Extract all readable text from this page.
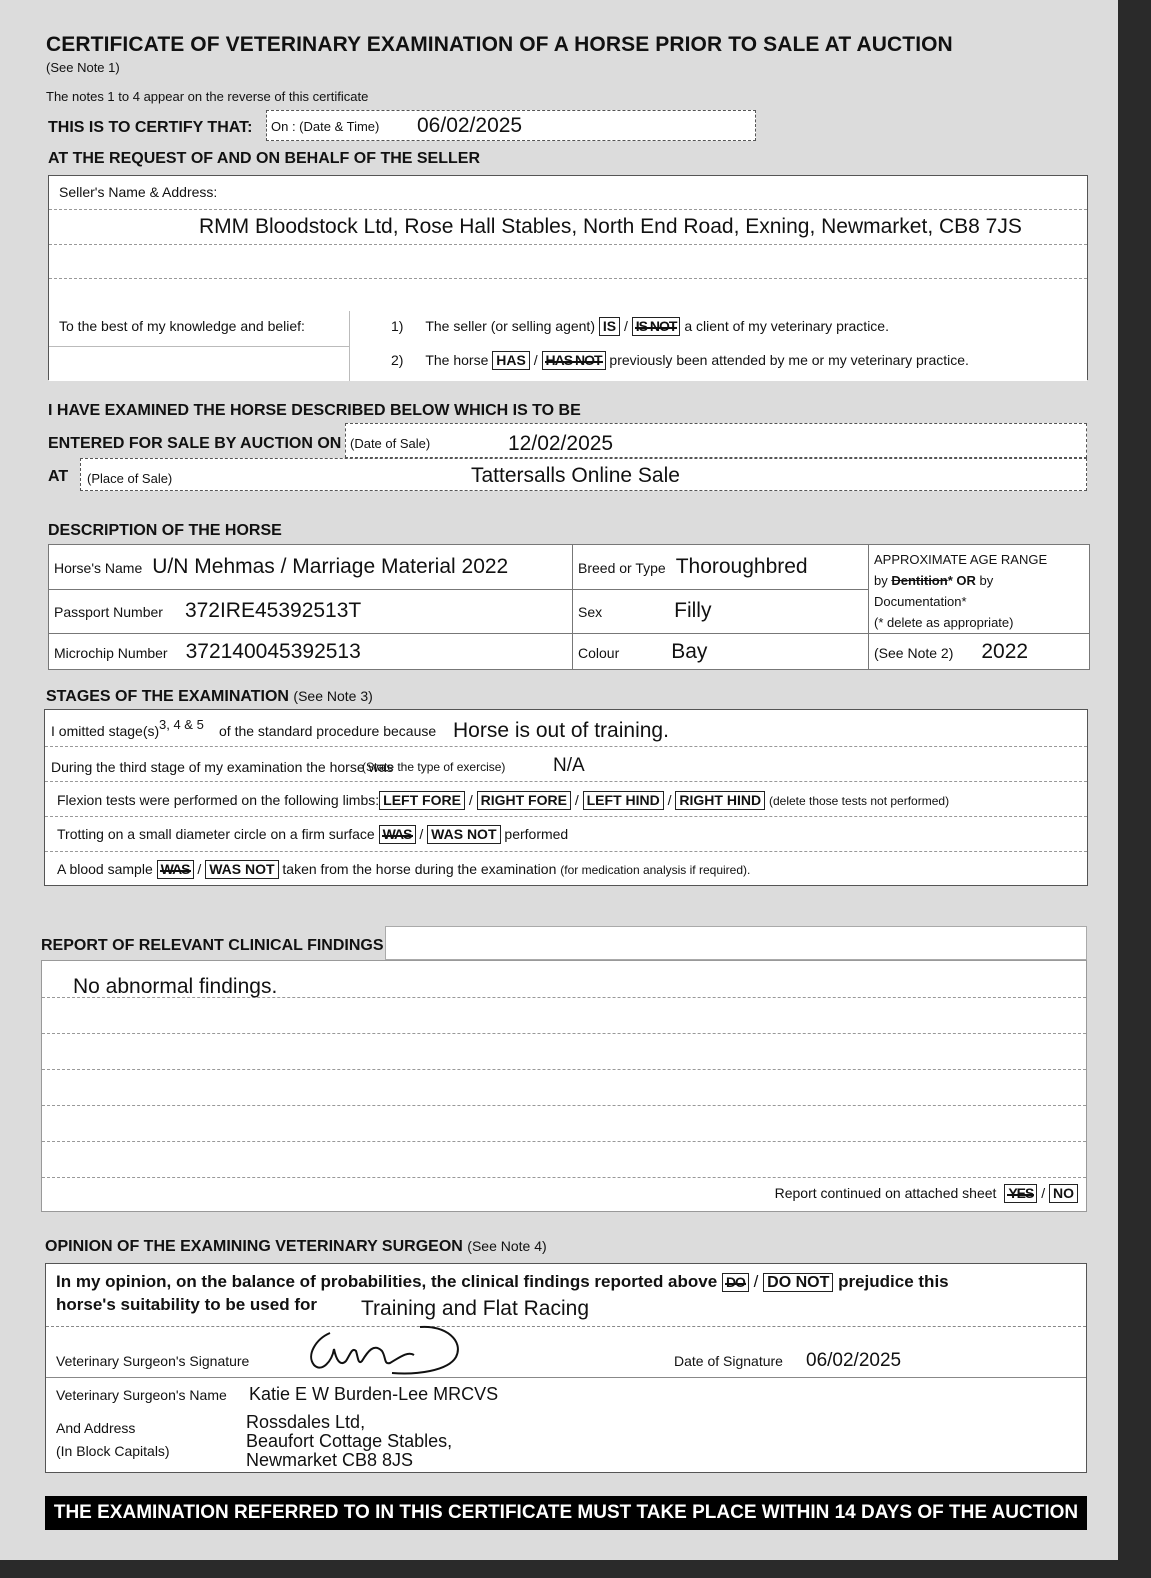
CERTIFICATE OF VETERINARY EXAMINATION OF A HORSE PRIOR TO SALE AT AUCTION
(See Note 1)
The notes 1 to 4 appear on the reverse of this certificate
THIS IS TO CERTIFY THAT: On : (Date & Time) 06/02/2025
AT THE REQUEST OF AND ON BEHALF OF THE SELLER
Seller's Name & Address:
RMM Bloodstock Ltd, Rose Hall Stables, North End Road, Exning, Newmarket, CB8 7JS
To the best of my knowledge and belief:	1) The seller (or selling agent) IS / IS NOT a client of my veterinary practice.
2) The horse HAS / HAS NOT previously been attended by me or my veterinary practice.
I HAVE EXAMINED THE HORSE DESCRIBED BELOW WHICH IS TO BE
ENTERED FOR SALE BY AUCTION ON (Date of Sale)	12/02/2025
AT (Place of Sale)	Tattersalls Online Sale
DESCRIPTION OF THE HORSE
Horse's Name U/N Mehmas / Marriage Material 2022	Breed or Type Thoroughbred	APPROXIMATE AGE RANGE
by Dentition* OR by Documentation*
(* delete as appropriate)

Passport Number 372IRE45392513T	Sex Filly	
Microchip Number 372140045392513	Colour Bay	(See Note 2) 2022
STAGES OF THE EXAMINATION (See Note 3)
I omitted stage(s) 3, 4 & 5 of the standard procedure because Horse is out of training.
During the third stage of my examination the horse was
(State the type of exercise)	N/A
Flexion tests were performed on the following limbs: LEFT FORE / RIGHT FORE / LEFT HIND / RIGHT HIND (delete those tests not performed)
Trotting on a small diameter circle on a firm surface WAS / WAS NOT performed
A blood sample WAS / WAS NOT taken from the horse during the examination (for medication analysis if required).
REPORT OF RELEVANT CLINICAL FINDINGS
No abnormal findings.
Report continued on attached sheet YES / NO
OPINION OF THE EXAMINING VETERINARY SURGEON (See Note 4)
In my opinion, on the balance of probabilities, the clinical findings reported above DO / DO NOT prejudice this
horse's suitability to be used for Training and Flat Racing
Veterinary Surgeon's Signature	Date of Signature 06/02/2025
Veterinary Surgeon's Name Katie E W Burden-Lee MRCVS
And Address
(In Block Capitals)
Rossdales Ltd,
Beaufort Cottage Stables,
Newmarket CB8 8JS
THE EXAMINATION REFERRED TO IN THIS CERTIFICATE MUST TAKE PLACE WITHIN 14 DAYS OF THE AUCTION
